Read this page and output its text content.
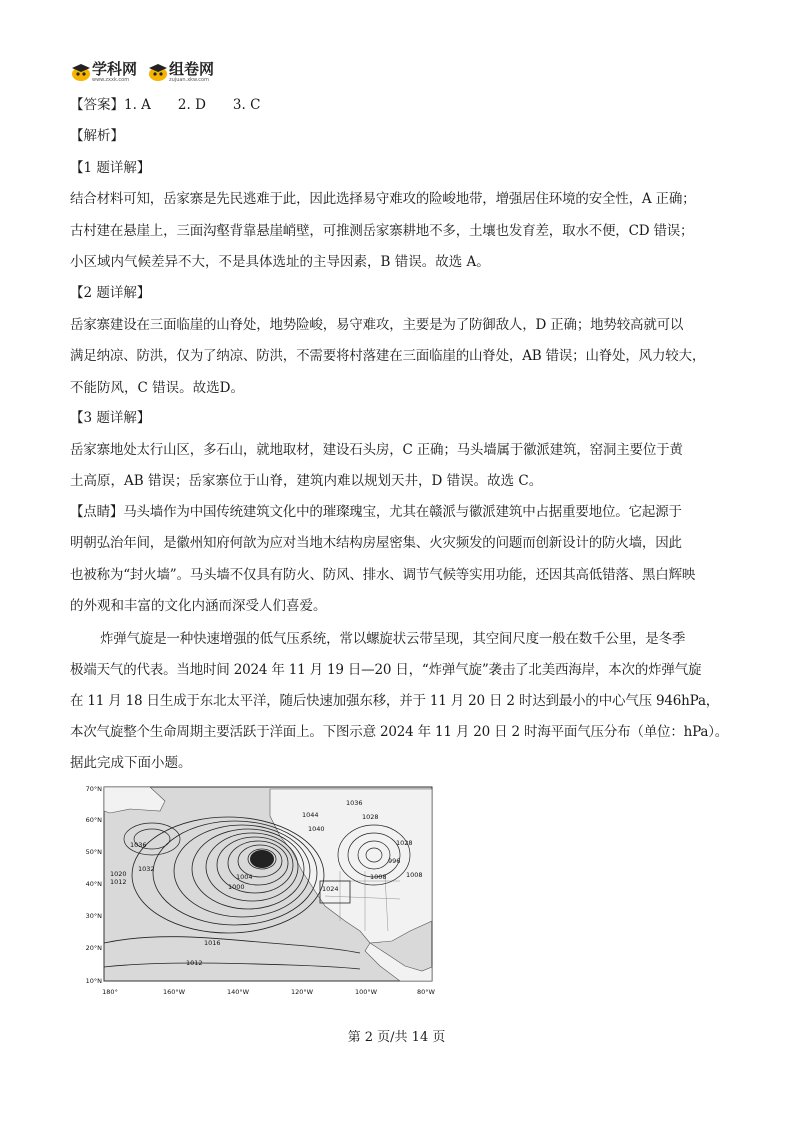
学科网
www.zxxk.com
组卷网
zujuan.xkw.com
【答案】1. A　　2. D　　3. C
【解析】
【1 题详解】
结合材料可知，岳家寨是先民逃难于此，因此选择易守难攻的险峻地带，增强居住环境的安全性，A 正确；
古村建在悬崖上，三面沟壑背靠悬崖峭壁，可推测岳家寨耕地不多，土壤也发育差，取水不便，CD 错误；
小区域内气候差异不大，不是具体选址的主导因素，B 错误。故选 A。
【2 题详解】
岳家寨建设在三面临崖的山脊处，地势险峻，易守难攻，主要是为了防御敌人，D 正确；地势较高就可以
满足纳凉、防洪，仅为了纳凉、防洪，不需要将村落建在三面临崖的山脊处，AB 错误；山脊处，风力较大，
不能防风，C 错误。故选D。
【3 题详解】
岳家寨地处太行山区，多石山，就地取材，建设石头房，C 正确；马头墙属于徽派建筑，窑洞主要位于黄
土高原，AB 错误；岳家寨位于山脊，建筑内难以规划天井，D 错误。故选 C。
【点睛】马头墙作为中国传统建筑文化中的璀璨瑰宝，尤其在赣派与徽派建筑中占据重要地位。它起源于
明朝弘治年间，是徽州知府何歆为应对当地木结构房屋密集、火灾频发的问题而创新设计的防火墙，因此
也被称为“封火墙”。马头墙不仅具有防火、防风、排水、调节气候等实用功能，还因其高低错落、黑白辉映
的外观和丰富的文化内涵而深受人们喜爱。
炸弹气旋是一种快速增强的低气压系统，常以螺旋状云带呈现，其空间尺度一般在数千公里，是冬季
极端天气的代表。当地时间 2024 年 11 月 19 日—20 日，“炸弹气旋”袭击了北美西海岸，本次的炸弹气旋
在 11 月 18 日生成于东北太平洋，随后快速加强东移，并于 11 月 20 日 2 时达到最小的中心气压 946hPa，
本次气旋整个生命周期主要活跃于洋面上。下图示意 2024 年 11 月 20 日 2 时海平面气压分布（单位：hPa）。
据此完成下面小题。
1036
1032
1020
1012
1004
1000
1016
1012
1036
1044
1040
1028
1024
1008
996
1028
1008
70°N
60°N
50°N
40°N
30°N
20°N
10°N
180°	160°W	140°W	120°W	100°W	80°W
第 2 页/共 14 页
